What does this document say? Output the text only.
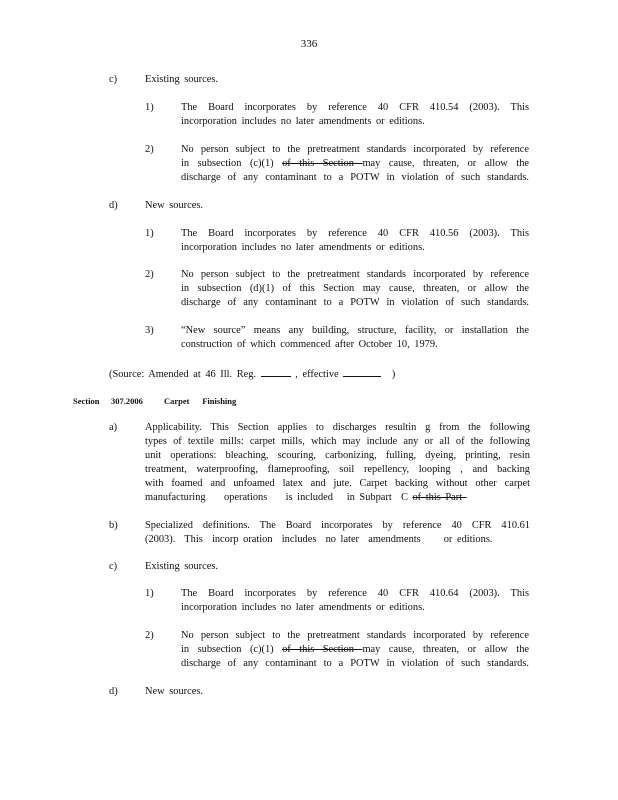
336
c)	Existing sources.
1)	The Board incorporates by reference 40 CFR 410.54 (2003). This
incorporation includes no later amendments or editions.
2)	No person subject to the pretreatment standards incorporated by reference
in subsection (c)(1) of this Section may cause, threaten, or allow the
discharge of any contaminant to a POTW in violation of such standards.
d)	New sources.
1)	The Board incorporates by reference 40 CFR 410.56 (2003). This
incorporation includes no later amendments or editions.
2)	No person subject to the pretreatment standards incorporated by reference
in subsection (d)(1) of this Section may cause, threaten, or allow the
discharge of any contaminant to a POTW in violation of such standards.
3)	“New source” means any building, structure, facility, or installation the
construction of which commenced after October 10, 1979.
(Source: Amended at 46 Ill. Reg.	, effective	)
Section 307.2006 Carpet      Finishing
a)	Applicability. This Section applies to discharges resultin g from the following
types of textile mills: carpet mills, which may include any or all of the following
unit operations: bleaching, scouring, carbonizing, fulling, dyeing, printing, resin
treatment, waterproofing, flameproofing, soil repellency, looping , and backing
with foamed and unfoamed latex and jute. Carpet backing without other carpet
manufacturing    operations    is included   in Subpart  C of this Part
b)	Specialized definitions. The Board incorporates by reference 40 CFR 410.61
(2003).  This  incorp oration  includes  no later  amendments     or editions.
c)	Existing sources.
1)	The Board incorporates by reference 40 CFR 410.64 (2003). This
incorporation includes no later amendments or editions.
2)	No person subject to the pretreatment standards incorporated by reference
in subsection (c)(1) of this Section may cause, threaten, or allow the
discharge of any contaminant to a POTW in violation of such standards.
d)	New sources.
